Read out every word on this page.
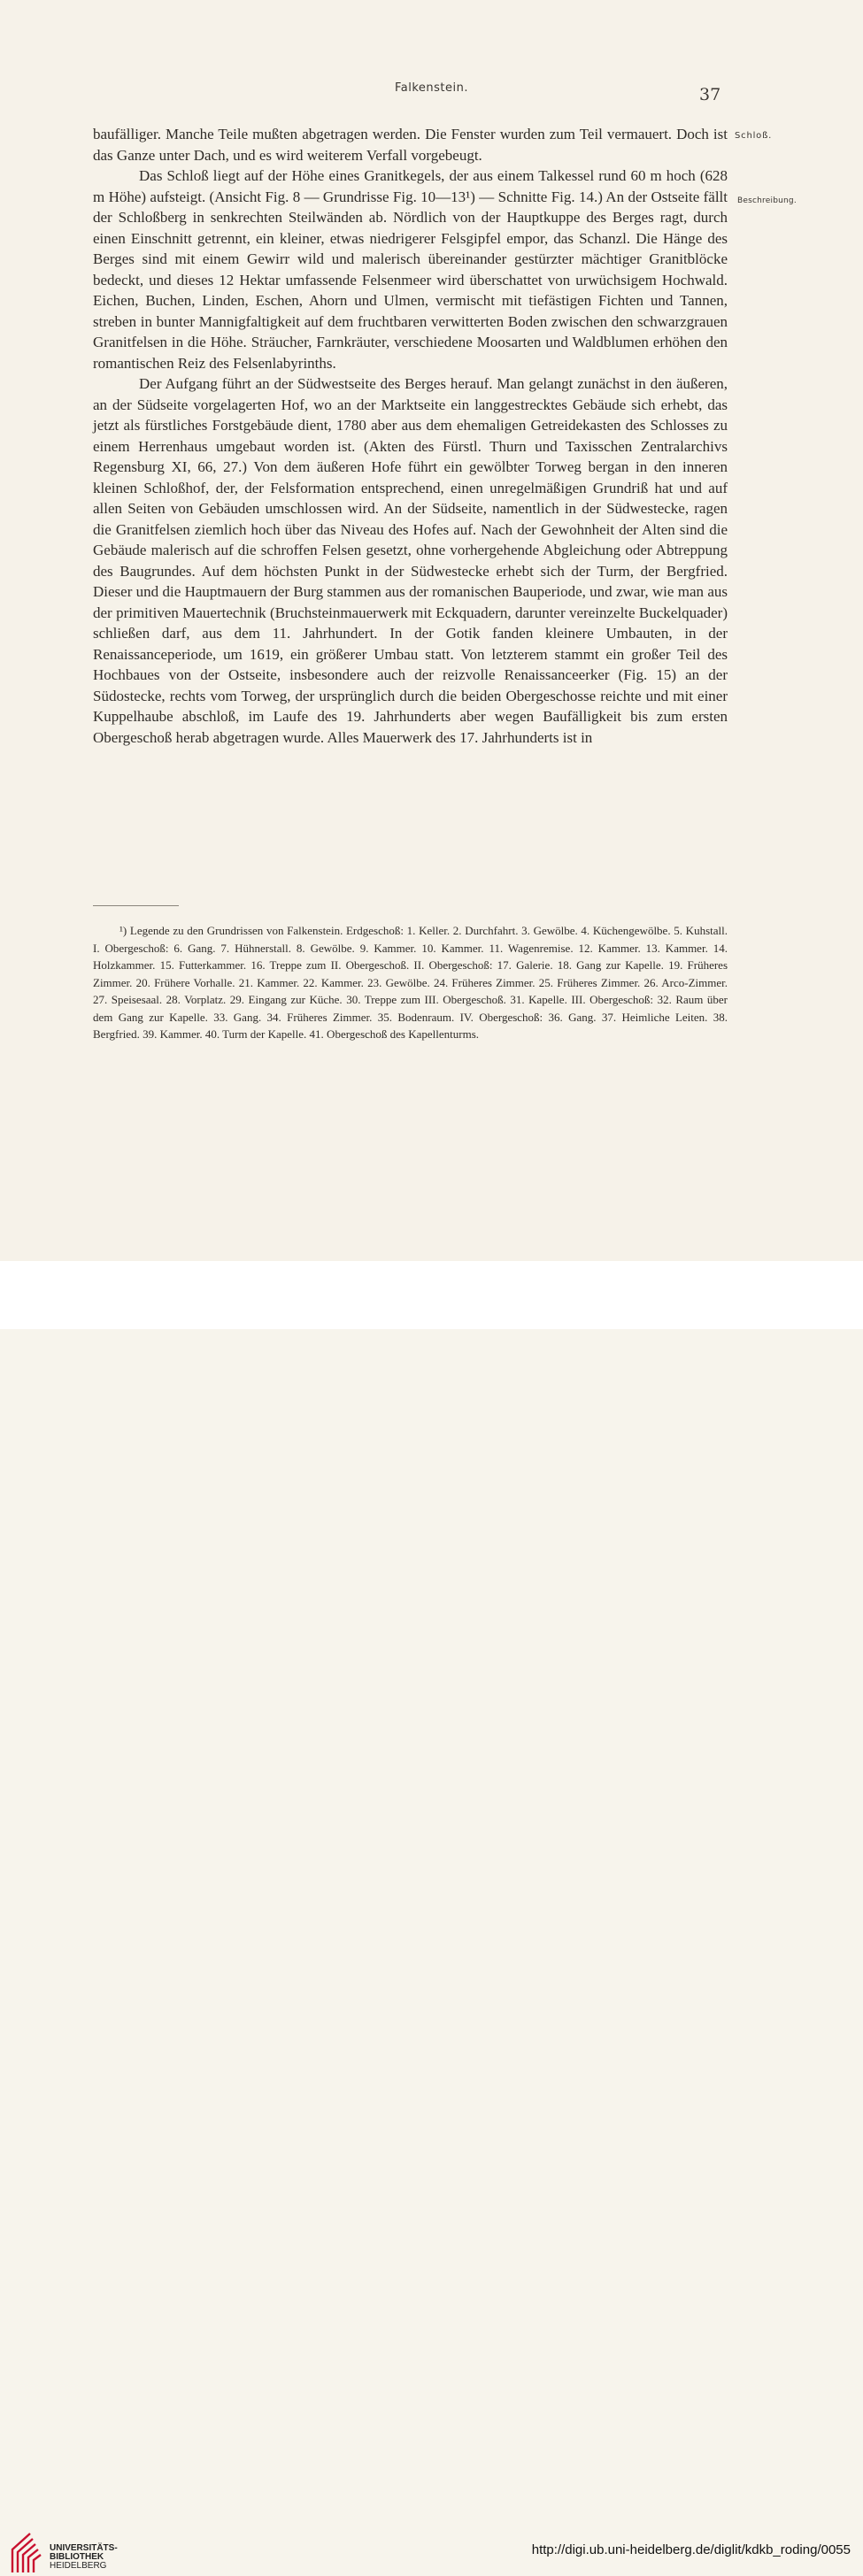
Falkenstein.	37
Schloß.
Beschreibung.

baufälliger. Manche Teile mußten abgetragen werden. Die Fenster wurden zum Teil vermauert. Doch ist das Ganze unter Dach, und es wird weiterem Verfall vorgebeugt.

Das Schloß liegt auf der Höhe eines Granitkegels, der aus einem Talkessel rund 60 m hoch (628 m Höhe) aufsteigt. (Ansicht Fig. 8 — Grundrisse Fig. 10—13¹) — Schnitte Fig. 14.) An der Ostseite fällt der Schloßberg in senkrechten Steilwänden ab. Nördlich von der Hauptkuppe des Berges ragt, durch einen Einschnitt getrennt, ein kleiner, etwas niedrigerer Felsgipfel empor, das Schanzl. Die Hänge des Berges sind mit einem Gewirr wild und malerisch übereinander gestürzter mächtiger Granitblöcke bedeckt, und dieses 12 Hektar umfassende Felsenmeer wird überschattet von urwüchsigem Hochwald. Eichen, Buchen, Linden, Eschen, Ahorn und Ulmen, vermischt mit tiefästigen Fichten und Tannen, streben in bunter Mannigfaltigkeit auf dem fruchtbaren verwitterten Boden zwischen den schwarzgrauen Granitfelsen in die Höhe. Sträucher, Farnkräuter, verschiedene Moosarten und Waldblumen erhöhen den romantischen Reiz des Felsenlabyrinths.

Der Aufgang führt an der Südwestseite des Berges herauf. Man gelangt zunächst in den äußeren, an der Südseite vorgelagerten Hof, wo an der Marktseite ein langgestrecktes Gebäude sich erhebt, das jetzt als fürstliches Forstgebäude dient, 1780 aber aus dem ehemaligen Getreidekasten des Schlosses zu einem Herrenhaus umgebaut worden ist. (Akten des Fürstl. Thurn und Taxisschen Zentralarchivs Regensburg XI, 66, 27.) Von dem äußeren Hofe führt ein gewölbter Torweg bergan in den inneren kleinen Schloßhof, der, der Felsformation entsprechend, einen unregelmäßigen Grundriß hat und auf allen Seiten von Gebäuden umschlossen wird. An der Südseite, namentlich in der Südwestecke, ragen die Granitfelsen ziemlich hoch über das Niveau des Hofes auf. Nach der Gewohnheit der Alten sind die Gebäude malerisch auf die schroffen Felsen gesetzt, ohne vorhergehende Abgleichung oder Abtreppung des Baugrundes. Auf dem höchsten Punkt in der Südwestecke erhebt sich der Turm, der Bergfried. Dieser und die Hauptmauern der Burg stammen aus der romanischen Bauperiode, und zwar, wie man aus der primitiven Mauertechnik (Bruchsteinmauerwerk mit Eckquadern, darunter vereinzelte Buckelquader) schließen darf, aus dem 11. Jahrhundert. In der Gotik fanden kleinere Umbauten, in der Renaissanceperiode, um 1619, ein größerer Umbau statt. Von letzterem stammt ein großer Teil des Hochbaues von der Ostseite, insbesondere auch der reizvolle Renaissanceerker (Fig. 15) an der Südostecke, rechts vom Torweg, der ursprünglich durch die beiden Obergeschosse reichte und mit einer Kuppelhaube abschloß, im Laufe des 19. Jahrhunderts aber wegen Baufälligkeit bis zum ersten Obergeschoß herab abgetragen wurde. Alles Mauerwerk des 17. Jahrhunderts ist in

¹) Legende zu den Grundrissen von Falkenstein. Erdgeschoß: 1. Keller. 2. Durchfahrt. 3. Gewölbe. 4. Küchengewölbe. 5. Kuhstall. I. Obergeschoß: 6. Gang. 7. Hühnerstall. 8. Gewölbe. 9. Kammer. 10. Kammer. 11. Wagenremise. 12. Kammer. 13. Kammer. 14. Holzkammer. 15. Futterkammer. 16. Treppe zum II. Obergeschoß. II. Obergeschoß: 17. Galerie. 18. Gang zur Kapelle. 19. Früheres Zimmer. 20. Frühere Vorhalle. 21. Kammer. 22. Kammer. 23. Gewölbe. 24. Früheres Zimmer. 25. Früheres Zimmer. 26. Arco-Zimmer. 27. Speisesaal. 28. Vorplatz. 29. Eingang zur Küche. 30. Treppe zum III. Obergeschoß. 31. Kapelle. III. Obergeschoß: 32. Raum über dem Gang zur Kapelle. 33. Gang. 34. Früheres Zimmer. 35. Bodenraum. IV. Obergeschoß: 36. Gang. 37. Heimliche Leiten. 38. Bergfried. 39. Kammer. 40. Turm der Kapelle. 41. Obergeschoß des Kapellenturms.

UNIVERSITÄTS-
BIBLIOTHEK
HEIDELBERG
http://digi.ub.uni-heidelberg.de/diglit/kdkb_roding/0055
